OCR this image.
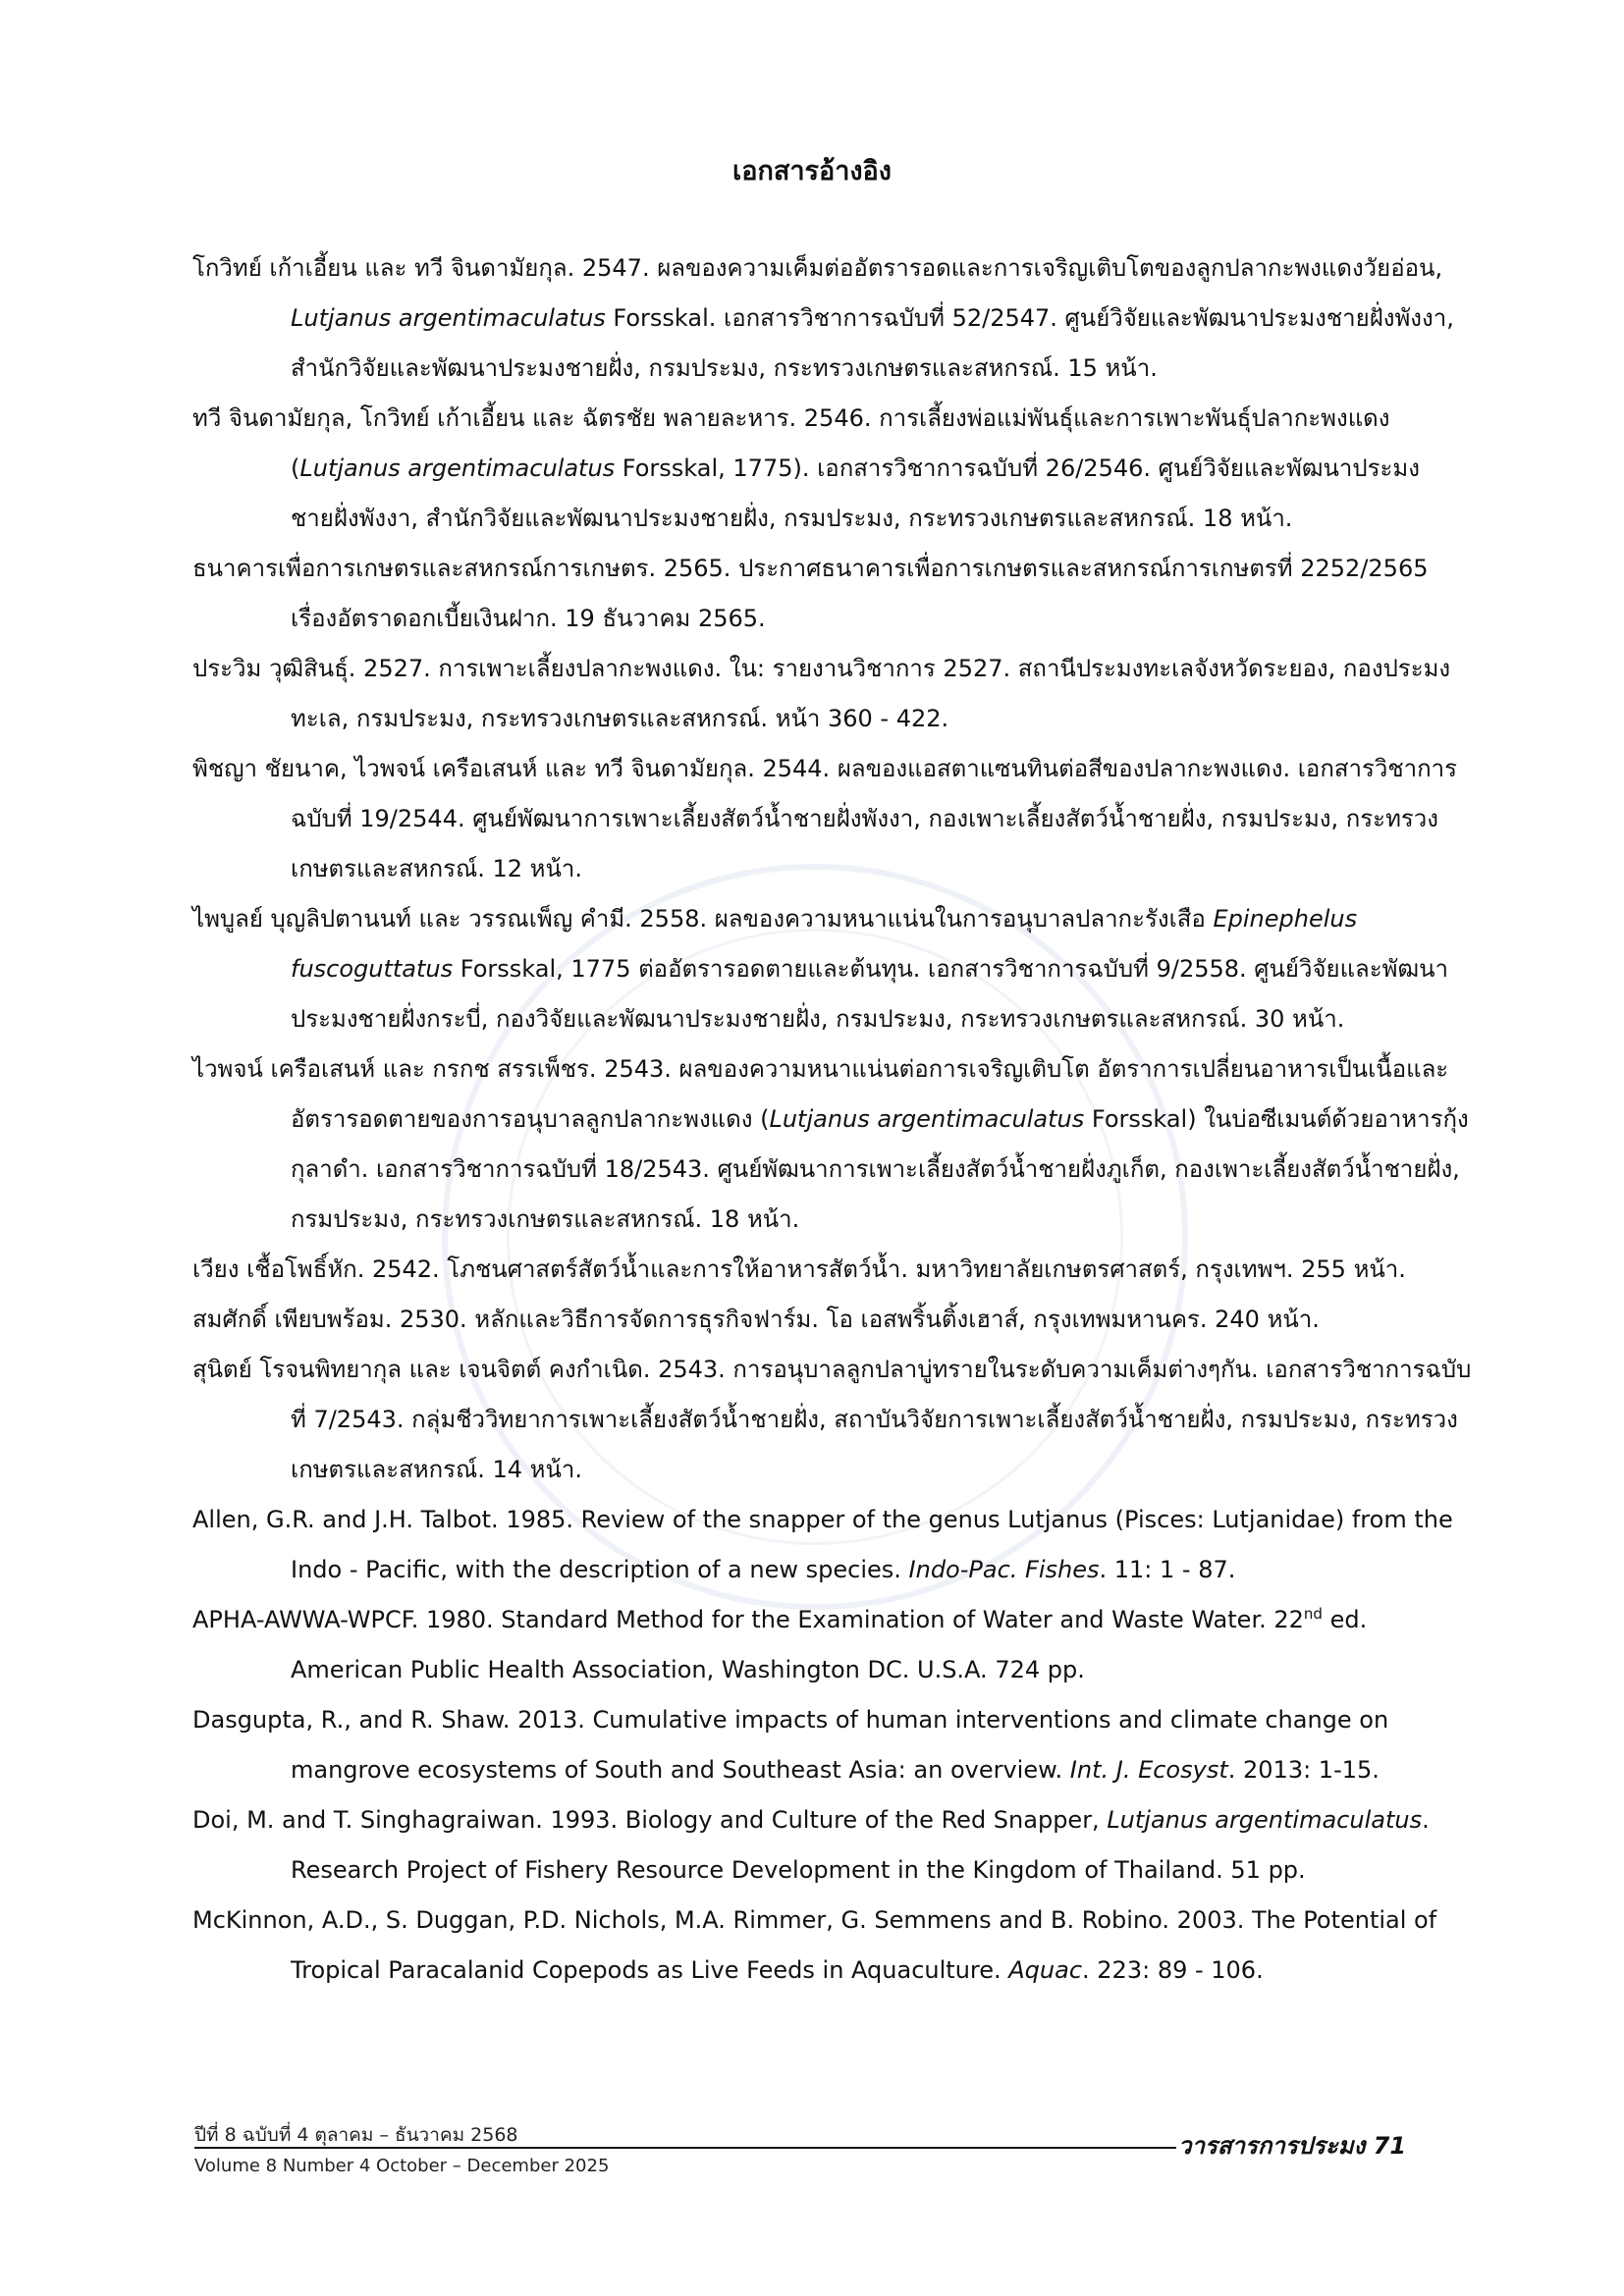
เอกสารอ้างอิง

โกวิทย์ เก้าเอี้ยน และ ทวี จินดามัยกุล. 2547. ผลของความเค็มต่ออัตรารอดและการเจริญเติบโตของลูกปลากะพงแดงวัยอ่อน, Lutjanus argentimaculatus Forsskal. เอกสารวิชาการฉบับที่ 52/2547. ศูนย์วิจัยและพัฒนาประมงชายฝั่งพังงา, สำนักวิจัยและพัฒนาประมงชายฝั่ง, กรมประมง, กระทรวงเกษตรและสหกรณ์. 15 หน้า.

ทวี จินดามัยกุล, โกวิทย์ เก้าเอี้ยน และ ฉัตรชัย พลายละหาร. 2546. การเลี้ยงพ่อแม่พันธุ์และการเพาะพันธุ์ปลากะพงแดง (Lutjanus argentimaculatus Forsskal, 1775). เอกสารวิชาการฉบับที่ 26/2546. ศูนย์วิจัยและพัฒนาประมงชายฝั่งพังงา, สำนักวิจัยและพัฒนาประมงชายฝั่ง, กรมประมง, กระทรวงเกษตรและสหกรณ์. 18 หน้า.

ธนาคารเพื่อการเกษตรและสหกรณ์การเกษตร. 2565. ประกาศธนาคารเพื่อการเกษตรและสหกรณ์การเกษตรที่ 2252/2565 เรื่องอัตราดอกเบี้ยเงินฝาก. 19 ธันวาคม 2565.

ประวิม วุฒิสินธุ์. 2527. การเพาะเลี้ยงปลากะพงแดง. ใน: รายงานวิชาการ 2527. สถานีประมงทะเลจังหวัดระยอง, กองประมงทะเล, กรมประมง, กระทรวงเกษตรและสหกรณ์. หน้า 360 - 422.

พิชญา ชัยนาค, ไวพจน์ เครือเสนห์ และ ทวี จินดามัยกุล. 2544. ผลของแอสตาแซนทินต่อสีของปลากะพงแดง. เอกสารวิชาการฉบับที่ 19/2544. ศูนย์พัฒนาการเพาะเลี้ยงสัตว์น้ำชายฝั่งพังงา, กองเพาะเลี้ยงสัตว์น้ำชายฝั่ง, กรมประมง, กระทรวงเกษตรและสหกรณ์. 12 หน้า.

ไพบูลย์ บุญลิปตานนท์ และ วรรณเพ็ญ คำมี. 2558. ผลของความหนาแน่นในการอนุบาลปลากะรังเสือ Epinephelus fuscoguttatus Forsskal, 1775 ต่ออัตรารอดตายและต้นทุน. เอกสารวิชาการฉบับที่ 9/2558. ศูนย์วิจัยและพัฒนาประมงชายฝั่งกระบี่, กองวิจัยและพัฒนาประมงชายฝั่ง, กรมประมง, กระทรวงเกษตรและสหกรณ์. 30 หน้า.

ไวพจน์ เครือเสนห์ และ กรกช สรรเพ็ชร. 2543. ผลของความหนาแน่นต่อการเจริญเติบโต อัตราการเปลี่ยนอาหารเป็นเนื้อและอัตรารอดตายของการอนุบาลลูกปลากะพงแดง (Lutjanus argentimaculatus Forsskal) ในบ่อซีเมนต์ด้วยอาหารกุ้งกุลาดำ. เอกสารวิชาการฉบับที่ 18/2543. ศูนย์พัฒนาการเพาะเลี้ยงสัตว์น้ำชายฝั่งภูเก็ต, กองเพาะเลี้ยงสัตว์น้ำชายฝั่ง, กรมประมง, กระทรวงเกษตรและสหกรณ์. 18 หน้า.

เวียง เชื้อโพธิ์หัก. 2542. โภชนศาสตร์สัตว์น้ำและการให้อาหารสัตว์น้ำ. มหาวิทยาลัยเกษตรศาสตร์, กรุงเทพฯ. 255 หน้า.

สมศักดิ์ เพียบพร้อม. 2530. หลักและวิธีการจัดการธุรกิจฟาร์ม. โอ เอสพริ้นติ้งเฮาส์, กรุงเทพมหานคร. 240 หน้า.

สุนิตย์ โรจนพิทยากุล และ เจนจิตต์ คงกำเนิด. 2543. การอนุบาลลูกปลาบู่ทรายในระดับความเค็มต่างๆกัน. เอกสารวิชาการฉบับที่ 7/2543. กลุ่มชีววิทยาการเพาะเลี้ยงสัตว์น้ำชายฝั่ง, สถาบันวิจัยการเพาะเลี้ยงสัตว์น้ำชายฝั่ง, กรมประมง, กระทรวงเกษตรและสหกรณ์. 14 หน้า.

Allen, G.R. and J.H. Talbot. 1985. Review of the snapper of the genus Lutjanus (Pisces: Lutjanidae) from the Indo - Pacific, with the description of a new species. Indo-Pac. Fishes. 11: 1 - 87.

APHA-AWWA-WPCF. 1980. Standard Method for the Examination of Water and Waste Water. 22nd ed. American Public Health Association, Washington DC. U.S.A. 724 pp.

Dasgupta, R., and R. Shaw. 2013. Cumulative impacts of human interventions and climate change on mangrove ecosystems of South and Southeast Asia: an overview. Int. J. Ecosyst. 2013: 1-15.

Doi, M. and T. Singhagraiwan. 1993. Biology and Culture of the Red Snapper, Lutjanus argentimaculatus. Research Project of Fishery Resource Development in the Kingdom of Thailand. 51 pp.

McKinnon, A.D., S. Duggan, P.D. Nichols, M.A. Rimmer, G. Semmens and B. Robino. 2003. The Potential of Tropical Paracalanid Copepods as Live Feeds in Aquaculture. Aquac. 223: 89 - 106.

ปีที่ 8 ฉบับที่ 4 ตุลาคม – ธันวาคม 2568	วารสารการประมง 71
Volume 8 Number 4 October – December 2025
